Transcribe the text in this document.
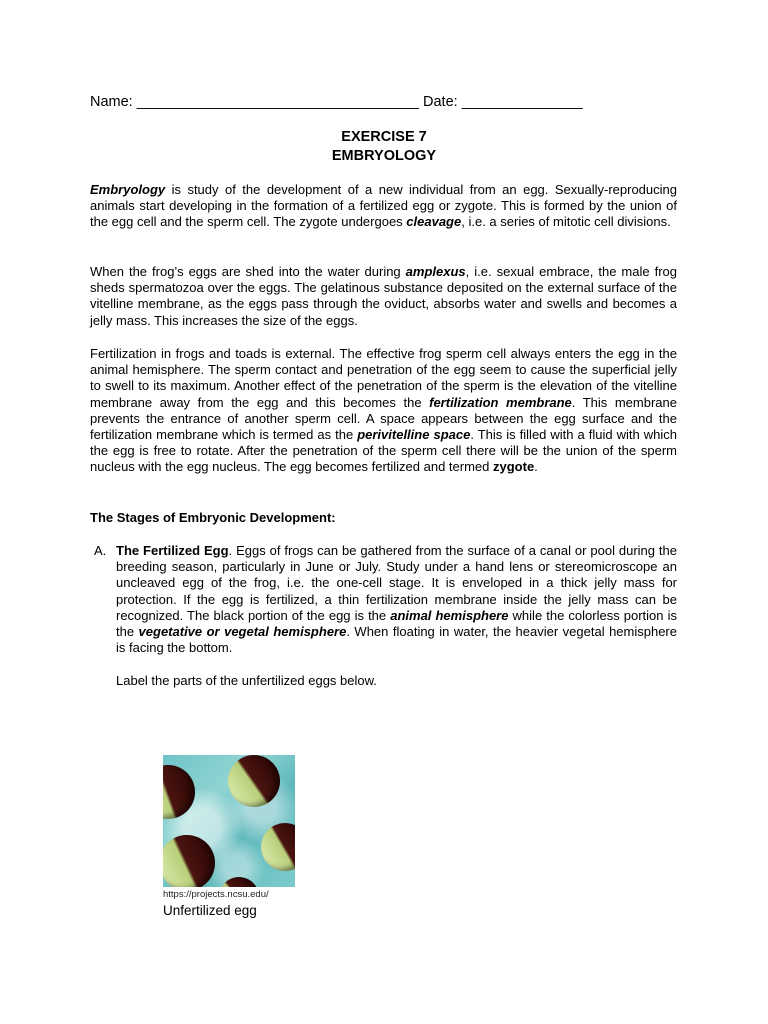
Name: ___________________________________ Date: _______________
EXERCISE 7
EMBRYOLOGY
Embryology is study of the development of a new individual from an egg. Sexually-reproducing animals start developing in the formation of a fertilized egg or zygote. This is formed by the union of the egg cell and the sperm cell. The zygote undergoes cleavage, i.e. a series of mitotic cell divisions.
When the frog’s eggs are shed into the water during amplexus, i.e. sexual embrace, the male frog sheds spermatozoa over the eggs. The gelatinous substance deposited on the external surface of the vitelline membrane, as the eggs pass through the oviduct, absorbs water and swells and becomes a jelly mass. This increases the size of the eggs.
Fertilization in frogs and toads is external. The effective frog sperm cell always enters the egg in the animal hemisphere. The sperm contact and penetration of the egg seem to cause the superficial jelly to swell to its maximum. Another effect of the penetration of the sperm is the elevation of the vitelline membrane away from the egg and this becomes the fertilization membrane. This membrane prevents the entrance of another sperm cell. A space appears between the egg surface and the fertilization membrane which is termed as the perivitelline space. This is filled with a fluid with which the egg is free to rotate. After the penetration of the sperm cell there will be the union of the sperm nucleus with the egg nucleus. The egg becomes fertilized and termed zygote.
The Stages of Embryonic Development:
A. The Fertilized Egg. Eggs of frogs can be gathered from the surface of a canal or pool during the breeding season, particularly in June or July. Study under a hand lens or stereomicroscope an uncleaved egg of the frog, i.e. the one-cell stage. It is enveloped in a thick jelly mass for protection. If the egg is fertilized, a thin fertilization membrane inside the jelly mass can be recognized. The black portion of the egg is the animal hemisphere while the colorless portion is the vegetative or vegetal hemisphere. When floating in water, the heavier vegetal hemisphere is facing the bottom.
Label the parts of the unfertilized eggs below.
https://projects.ncsu.edu/
Unfertilized egg
